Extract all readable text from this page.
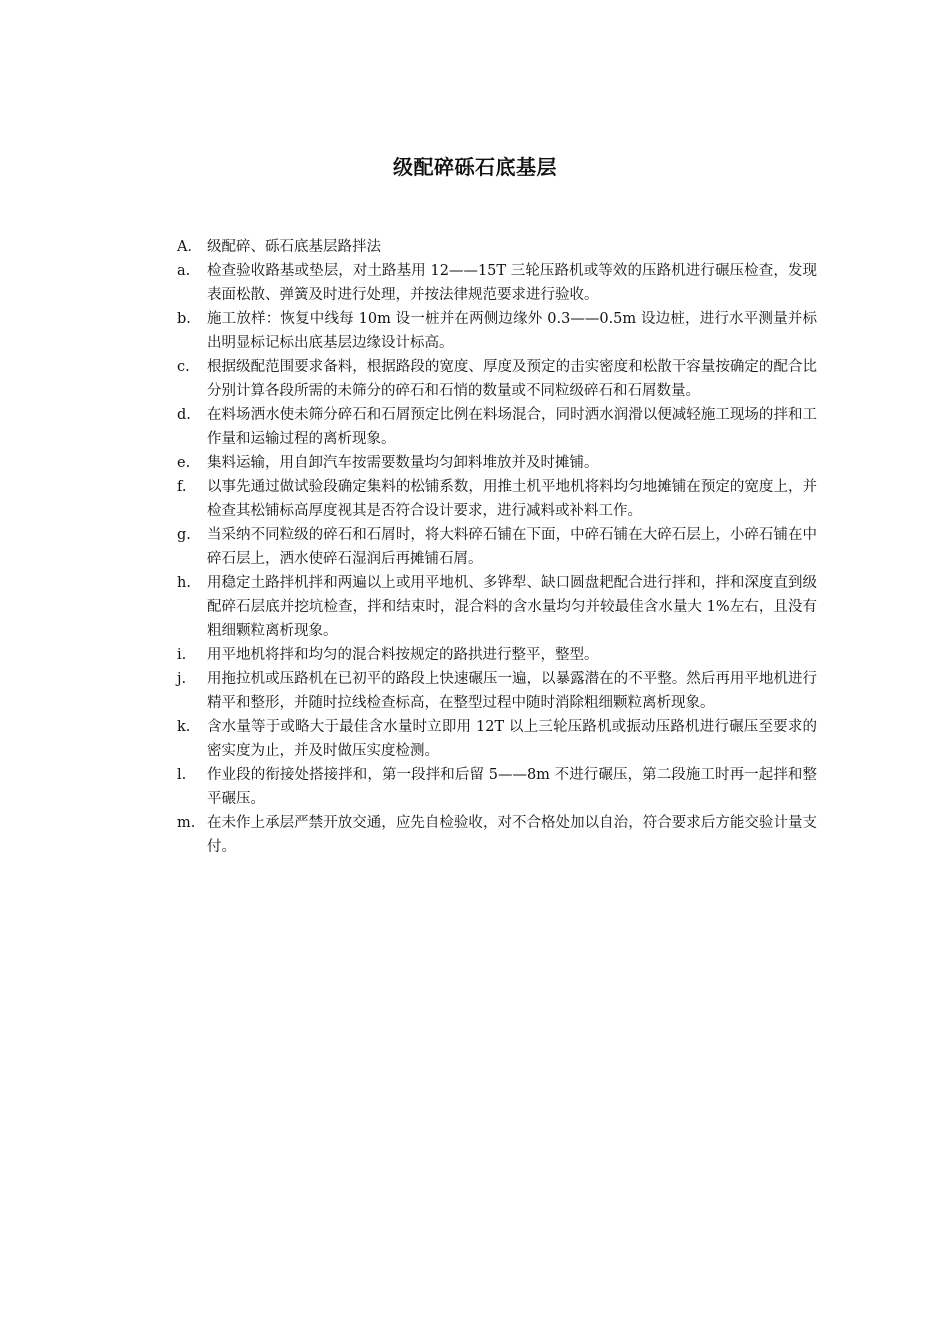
级配碎砾石底基层

A． 级配碎、砾石底基层路拌法

a.	检查验收路基或垫层，对土路基用 12——15T 三轮压路机或等效的压路机进行碾压检查，发现表面松散、弹簧及时进行处理，并按法律规范要求进行验收。
b.	施工放样：恢复中线每 10m 设一桩并在两侧边缘外 0.3——0.5m 设边桩，进行水平测量并标出明显标记标出底基层边缘设计标高。
c.	根据级配范围要求备料，根据路段的宽度、厚度及预定的击实密度和松散干容量按确定的配合比分别计算各段所需的未筛分的碎石和石悄的数量或不同粒级碎石和石屑数量。
d.	在料场洒水使未筛分碎石和石屑预定比例在料场混合，同时洒水润滑以便减轻施工现场的拌和工作量和运输过程的离析现象。
e.	集料运输，用自卸汽车按需要数量均匀卸料堆放并及时摊铺。
f.	以事先通过做试验段确定集料的松铺系数，用推土机平地机将料均匀地摊铺在预定的宽度上，并检查其松铺标高厚度视其是否符合设计要求，进行减料或补料工作。
g.	当采纳不同粒级的碎石和石屑时，将大料碎石铺在下面，中碎石铺在大碎石层上，小碎石铺在中碎石层上，洒水使碎石湿润后再摊铺石屑。
h.	用稳定土路拌机拌和两遍以上或用平地机、多铧犁、缺口圆盘耙配合进行拌和，拌和深度直到级配碎石层底并挖坑检查，拌和结束时，混合料的含水量均匀并较最佳含水量大 1%左右，且没有粗细颗粒离析现象。
i.	用平地机将拌和均匀的混合料按规定的路拱进行整平，整型。
j.	用拖拉机或压路机在已初平的路段上快速碾压一遍，以暴露潜在的不平整。然后再用平地机进行精平和整形，并随时拉线检查标高，在整型过程中随时消除粗细颗粒离析现象。
k.	含水量等于或略大于最佳含水量时立即用 12T 以上三轮压路机或振动压路机进行碾压至要求的密实度为止，并及时做压实度检测。
l.	作业段的衔接处搭接拌和，第一段拌和后留 5——8m 不进行碾压，第二段施工时再一起拌和整平碾压。
m. 在未作上承层严禁开放交通，应先自检验收，对不合格处加以自治，符合要求后方能交验计量支付。
